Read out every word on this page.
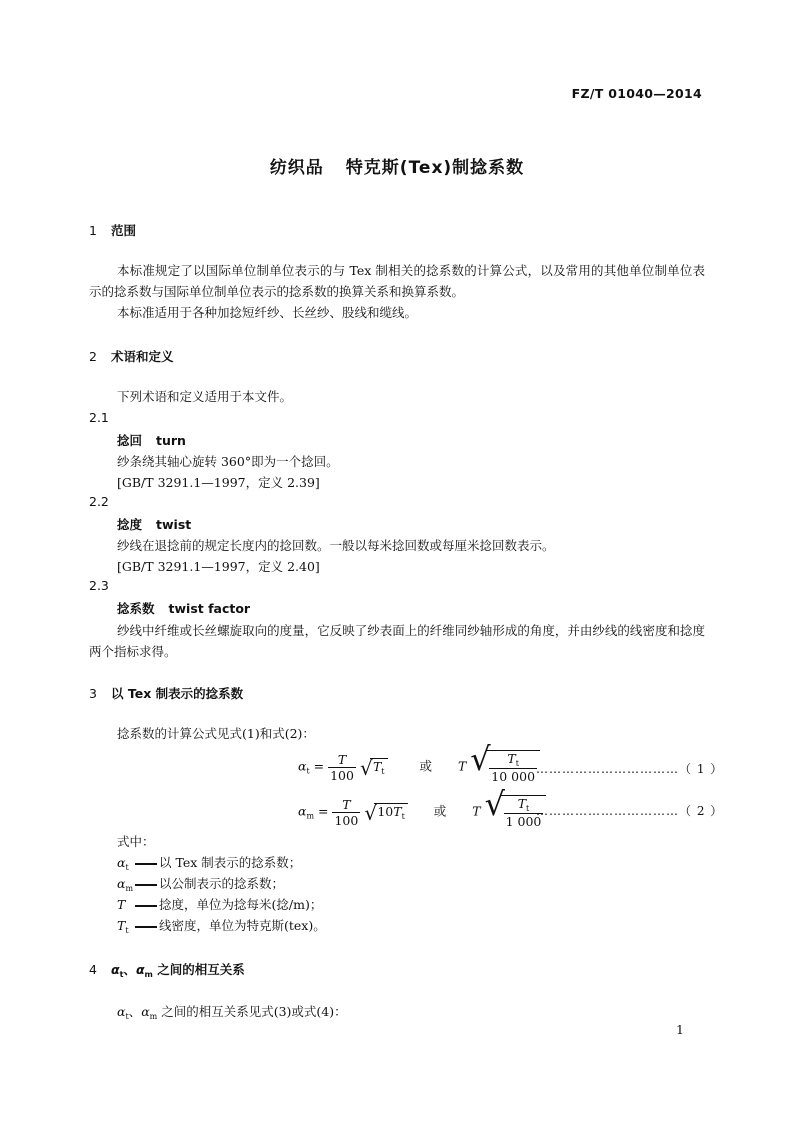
FZ/T 01040—2014
纺织品 特克斯(Tex)制捻系数
1 范围
本标准规定了以国际单位制单位表示的与 Tex 制相关的捻系数的计算公式，以及常用的其他单位制单位表示的捻系数与国际单位制单位表示的捻系数的换算关系和换算系数。
本标准适用于各种加捻短纤纱、长丝纱、股线和缆线。
2 术语和定义
下列术语和定义适用于本文件。
2.1
捻回 turn
纱条绕其轴心旋转 360°即为一个捻回。
[GB/T 3291.1—1997，定义 2.39]
2.2
捻度 twist
纱线在退捻前的规定长度内的捻回数。一般以每米捻回数或每厘米捻回数表示。
[GB/T 3291.1—1997，定义 2.40]
2.3
捻系数 twist factor
纱线中纤维或长丝螺旋取向的度量，它反映了纱表面上的纤维同纱轴形成的角度，并由纱线的线密度和捻度两个指标求得。
3 以 Tex 制表示的捻系数
捻系数的计算公式见式(1)和式(2)：
$\alpha_t = \frac{T}{100}$
√ $T_t$	或 T √
$\frac{T_t}{10 000}$
……………………………（ 1 ）
$\alpha_m = \frac{T}{100}$
√ $10T_t$ 或 T √
$\frac{T_t}{1 000}$
……………………………（ 2 ）
式中：
$\alpha_t$ 以 Tex 制表示的捻系数；
$\alpha_m$ 以公制表示的捻系数；
T	捻度，单位为捻每米(捻/m)；
$T_t$ 线密度，单位为特克斯(tex)。
4 $\alpha_t$、$\alpha_m$ 之间的相互关系
$\alpha_t$、$\alpha_m$ 之间的相互关系见式(3)或式(4)：
1
